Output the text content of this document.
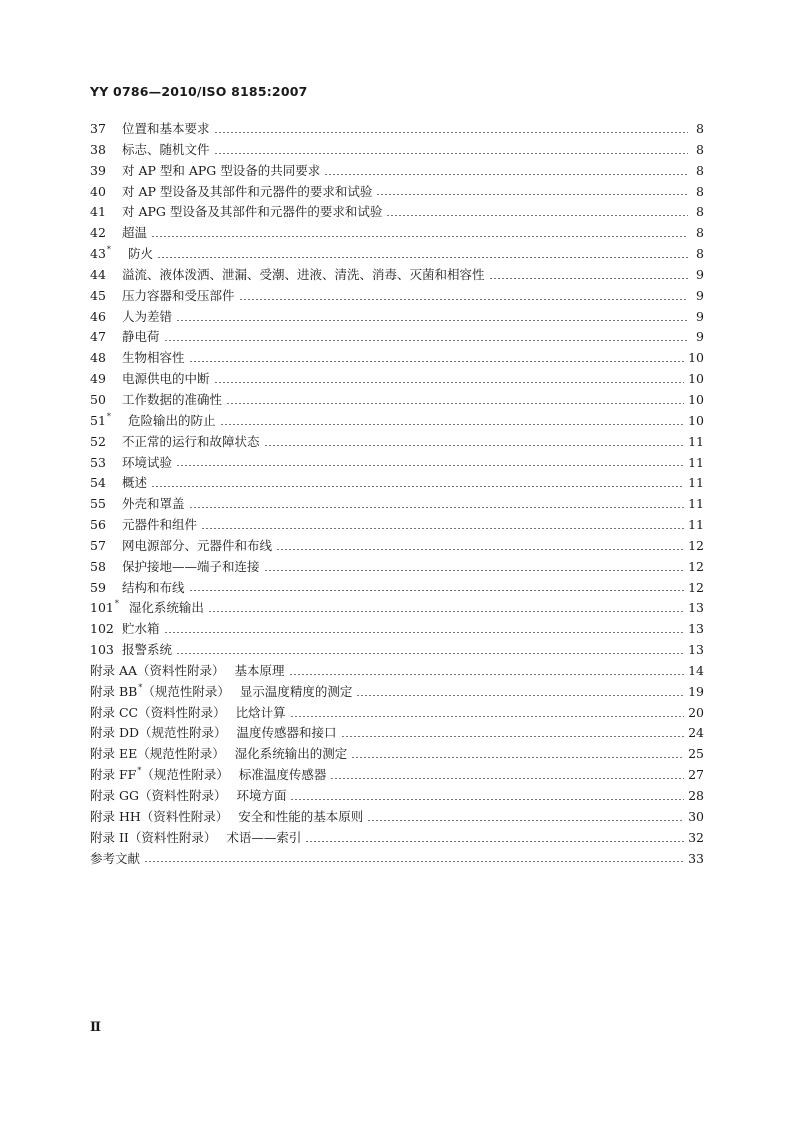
YY 0786—2010/ISO 8185:2007
37	位置和基本要求	8
38	标志、随机文件	8
39	对 AP 型和 APG 型设备的共同要求	8
40	对 AP 型设备及其部件和元器件的要求和试验	8
41	对 APG 型设备及其部件和元器件的要求和试验	8
42	超温	8
43*	防火	8
44	溢流、液体泼洒、泄漏、受潮、进液、清洗、消毒、灭菌和相容性	9
45	压力容器和受压部件	9
46	人为差错	9
47	静电荷	9
48	生物相容性	10
49	电源供电的中断	10
50	工作数据的准确性	10
51*	危险输出的防止	10
52	不正常的运行和故障状态	11
53	环境试验	11
54	概述	11
55	外壳和罩盖	11
56	元器件和组件	11
57	网电源部分、元器件和布线	12
58	保护接地——端子和连接	12
59	结构和布线	12
101* 湿化系统输出	13
102 贮水箱	13
103 报警系统	13
附录 AA（资料性附录） 基本原理	14
附录 BB*（规范性附录） 显示温度精度的测定	19
附录 CC（资料性附录） 比焓计算	20
附录 DD（规范性附录） 温度传感器和接口	24
附录 EE（规范性附录） 湿化系统输出的测定	25
附录 FF*（规范性附录） 标准温度传感器	27
附录 GG（资料性附录） 环境方面	28
附录 HH（资料性附录） 安全和性能的基本原则	30
附录 II（资料性附录） 术语——索引	32
参考文献	33
Ⅱ
